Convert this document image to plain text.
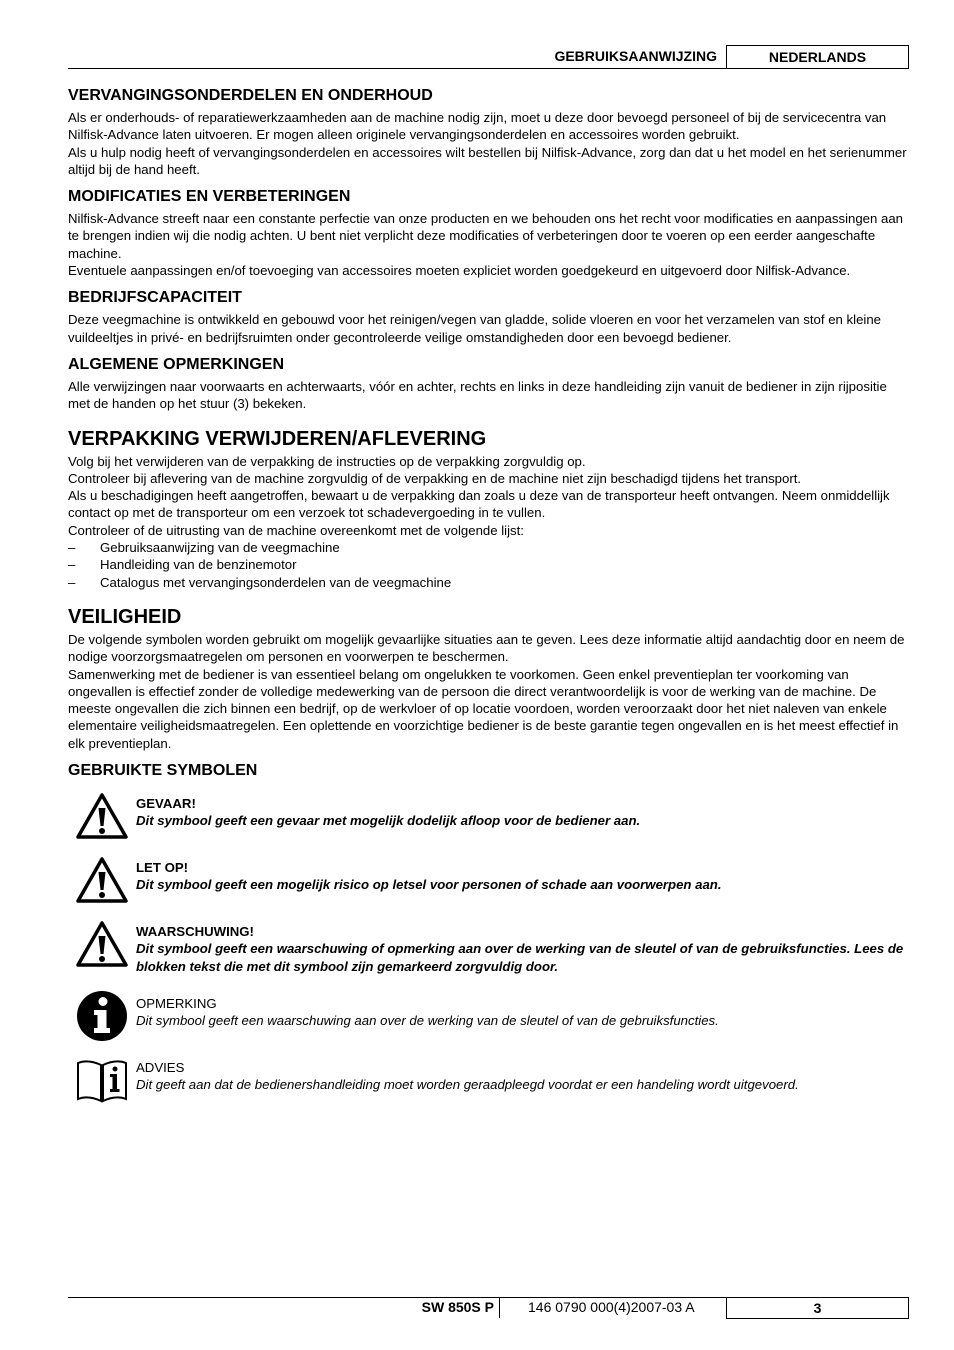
GEBRUIKSAANWIJZING	NEDERLANDS
VERVANGINGSONDERDELEN EN ONDERHOUD

Als er onderhouds- of reparatiewerkzaamheden aan de machine nodig zijn, moet u deze door bevoegd personeel of bij de servicecentra van Nilfisk-Advance laten uitvoeren. Er mogen alleen originele vervangingsonderdelen en accessoires worden gebruikt.

Als u hulp nodig heeft of vervangingsonderdelen en accessoires wilt bestellen bij Nilfisk-Advance, zorg dan dat u het model en het serienummer altijd bij de hand heeft.

MODIFICATIES EN VERBETERINGEN

Nilfisk-Advance streeft naar een constante perfectie van onze producten en we behouden ons het recht voor modificaties en aanpassingen aan te brengen indien wij die nodig achten. U bent niet verplicht deze modificaties of verbeteringen door te voeren op een eerder aangeschafte machine.

Eventuele aanpassingen en/of toevoeging van accessoires moeten expliciet worden goedgekeurd en uitgevoerd door Nilfisk-Advance.

BEDRIJFSCAPACITEIT

Deze veegmachine is ontwikkeld en gebouwd voor het reinigen/vegen van gladde, solide vloeren en voor het verzamelen van stof en kleine vuildeeltjes in privé- en bedrijfsruimten onder gecontroleerde veilige omstandigheden door een bevoegd bediener.

ALGEMENE OPMERKINGEN

Alle verwijzingen naar voorwaarts en achterwaarts, vóór en achter, rechts en links in deze handleiding zijn vanuit de bediener in zijn rijpositie met de handen op het stuur (3) bekeken.

VERPAKKING VERWIJDEREN/AFLEVERING

Volg bij het verwijderen van de verpakking de instructies op de verpakking zorgvuldig op.

Controleer bij aflevering van de machine zorgvuldig of de verpakking en de machine niet zijn beschadigd tijdens het transport.

Als u beschadigingen heeft aangetroffen, bewaart u de verpakking dan zoals u deze van de transporteur heeft ontvangen. Neem onmiddellijk contact op met de transporteur om een verzoek tot schadevergoeding in te vullen.

Controleer of de uitrusting van de machine overeenkomt met de volgende lijst:

– Gebruiksaanwijzing van de veegmachine
– Handleiding van de benzinemotor
– Catalogus met vervangingsonderdelen van de veegmachine
VEILIGHEID

De volgende symbolen worden gebruikt om mogelijk gevaarlijke situaties aan te geven. Lees deze informatie altijd aandachtig door en neem de nodige voorzorgsmaatregelen om personen en voorwerpen te beschermen.

Samenwerking met de bediener is van essentieel belang om ongelukken te voorkomen. Geen enkel preventieplan ter voorkoming van ongevallen is effectief zonder de volledige medewerking van de persoon die direct verantwoordelijk is voor de werking van de machine. De meeste ongevallen die zich binnen een bedrijf, op de werkvloer of op locatie voordoen, worden veroorzaakt door het niet naleven van enkele elementaire veiligheidsmaatregelen. Een oplettende en voorzichtige bediener is de beste garantie tegen ongevallen en is het meest effectief in elk preventieplan.

GEBRUIKTE SYMBOLEN

GEVAAR!

Dit symbool geeft een gevaar met mogelijk dodelijk afloop voor de bediener aan.

LET OP!

Dit symbool geeft een mogelijk risico op letsel voor personen of schade aan voorwerpen aan.

WAARSCHUWING!

Dit symbool geeft een waarschuwing of opmerking aan over de werking van de sleutel of van de gebruiksfuncties. Lees de blokken tekst die met dit symbool zijn gemarkeerd zorgvuldig door.

OPMERKING

Dit symbool geeft een waarschuwing aan over de werking van de sleutel of van de gebruiksfuncties.

ADVIES

Dit geeft aan dat de bedienershandleiding moet worden geraadpleegd voordat er een handeling wordt uitgevoerd.

SW 850S P 146 0790 000(4)2007-03 A	3
